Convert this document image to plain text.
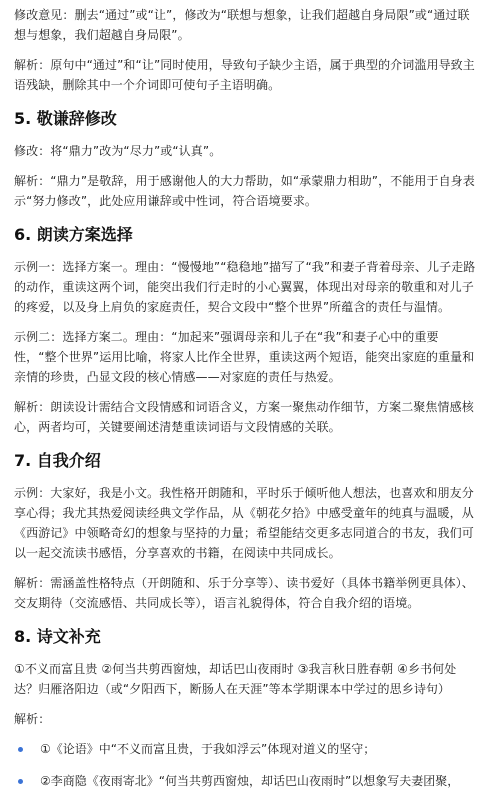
修改意见：删去“通过”或“让”，修改为“联想与想象，让我们超越自身局限”或“通过联想与想象，我们超越自身局限”。

解析：原句中“通过”和“让”同时使用，导致句子缺少主语，属于典型的介词滥用导致主语残缺，删除其中一个介词即可使句子主语明确。

5. 敬谦辞修改

修改：将“鼎力”改为“尽力”或“认真”。

解析：“鼎力”是敬辞，用于感谢他人的大力帮助，如“承蒙鼎力相助”，不能用于自身表示“努力修改”，此处应用谦辞或中性词，符合语境要求。

6. 朗读方案选择

示例一：选择方案一。理由：“慢慢地”“稳稳地”描写了“我”和妻子背着母亲、儿子走路的动作，重读这两个词，能突出我们行走时的小心翼翼，体现出对母亲的敬重和对儿子的疼爱，以及身上肩负的家庭责任，契合文段中“整个世界”所蕴含的责任与温情。

示例二：选择方案二。理由：“加起来”强调母亲和儿子在“我”和妻子心中的重要性，“整个世界”运用比喻，将家人比作全世界，重读这两个短语，能突出家庭的重量和亲情的珍贵，凸显文段的核心情感——对家庭的责任与热爱。

解析：朗读设计需结合文段情感和词语含义，方案一聚焦动作细节，方案二聚焦情感核心，两者均可，关键要阐述清楚重读词语与文段情感的关联。

7. 自我介绍

示例：大家好，我是小文。我性格开朗随和，平时乐于倾听他人想法，也喜欢和朋友分享心得；我尤其热爱阅读经典文学作品，从《朝花夕拾》中感受童年的纯真与温暖，从《西游记》中领略奇幻的想象与坚持的力量；希望能结交更多志同道合的书友，我们可以一起交流读书感悟，分享喜欢的书籍，在阅读中共同成长。

解析：需涵盖性格特点（开朗随和、乐于分享等）、读书爱好（具体书籍举例更具体）、交友期待（交流感悟、共同成长等），语言礼貌得体，符合自我介绍的语境。

8. 诗文补充

①不义而富且贵 ②何当共剪西窗烛，却话巴山夜雨时 ③我言秋日胜春朝 ④乡书何处达？归雁洛阳边（或“夕阳西下，断肠人在天涯”等本学期课本中学过的思乡诗句）

解析：

①《论语》中“不义而富且贵，于我如浮云”体现对道义的坚守；
②李商隐《夜雨寄北》“何当共剪西窗烛，却话巴山夜雨时”以想象写夫妻团聚，
